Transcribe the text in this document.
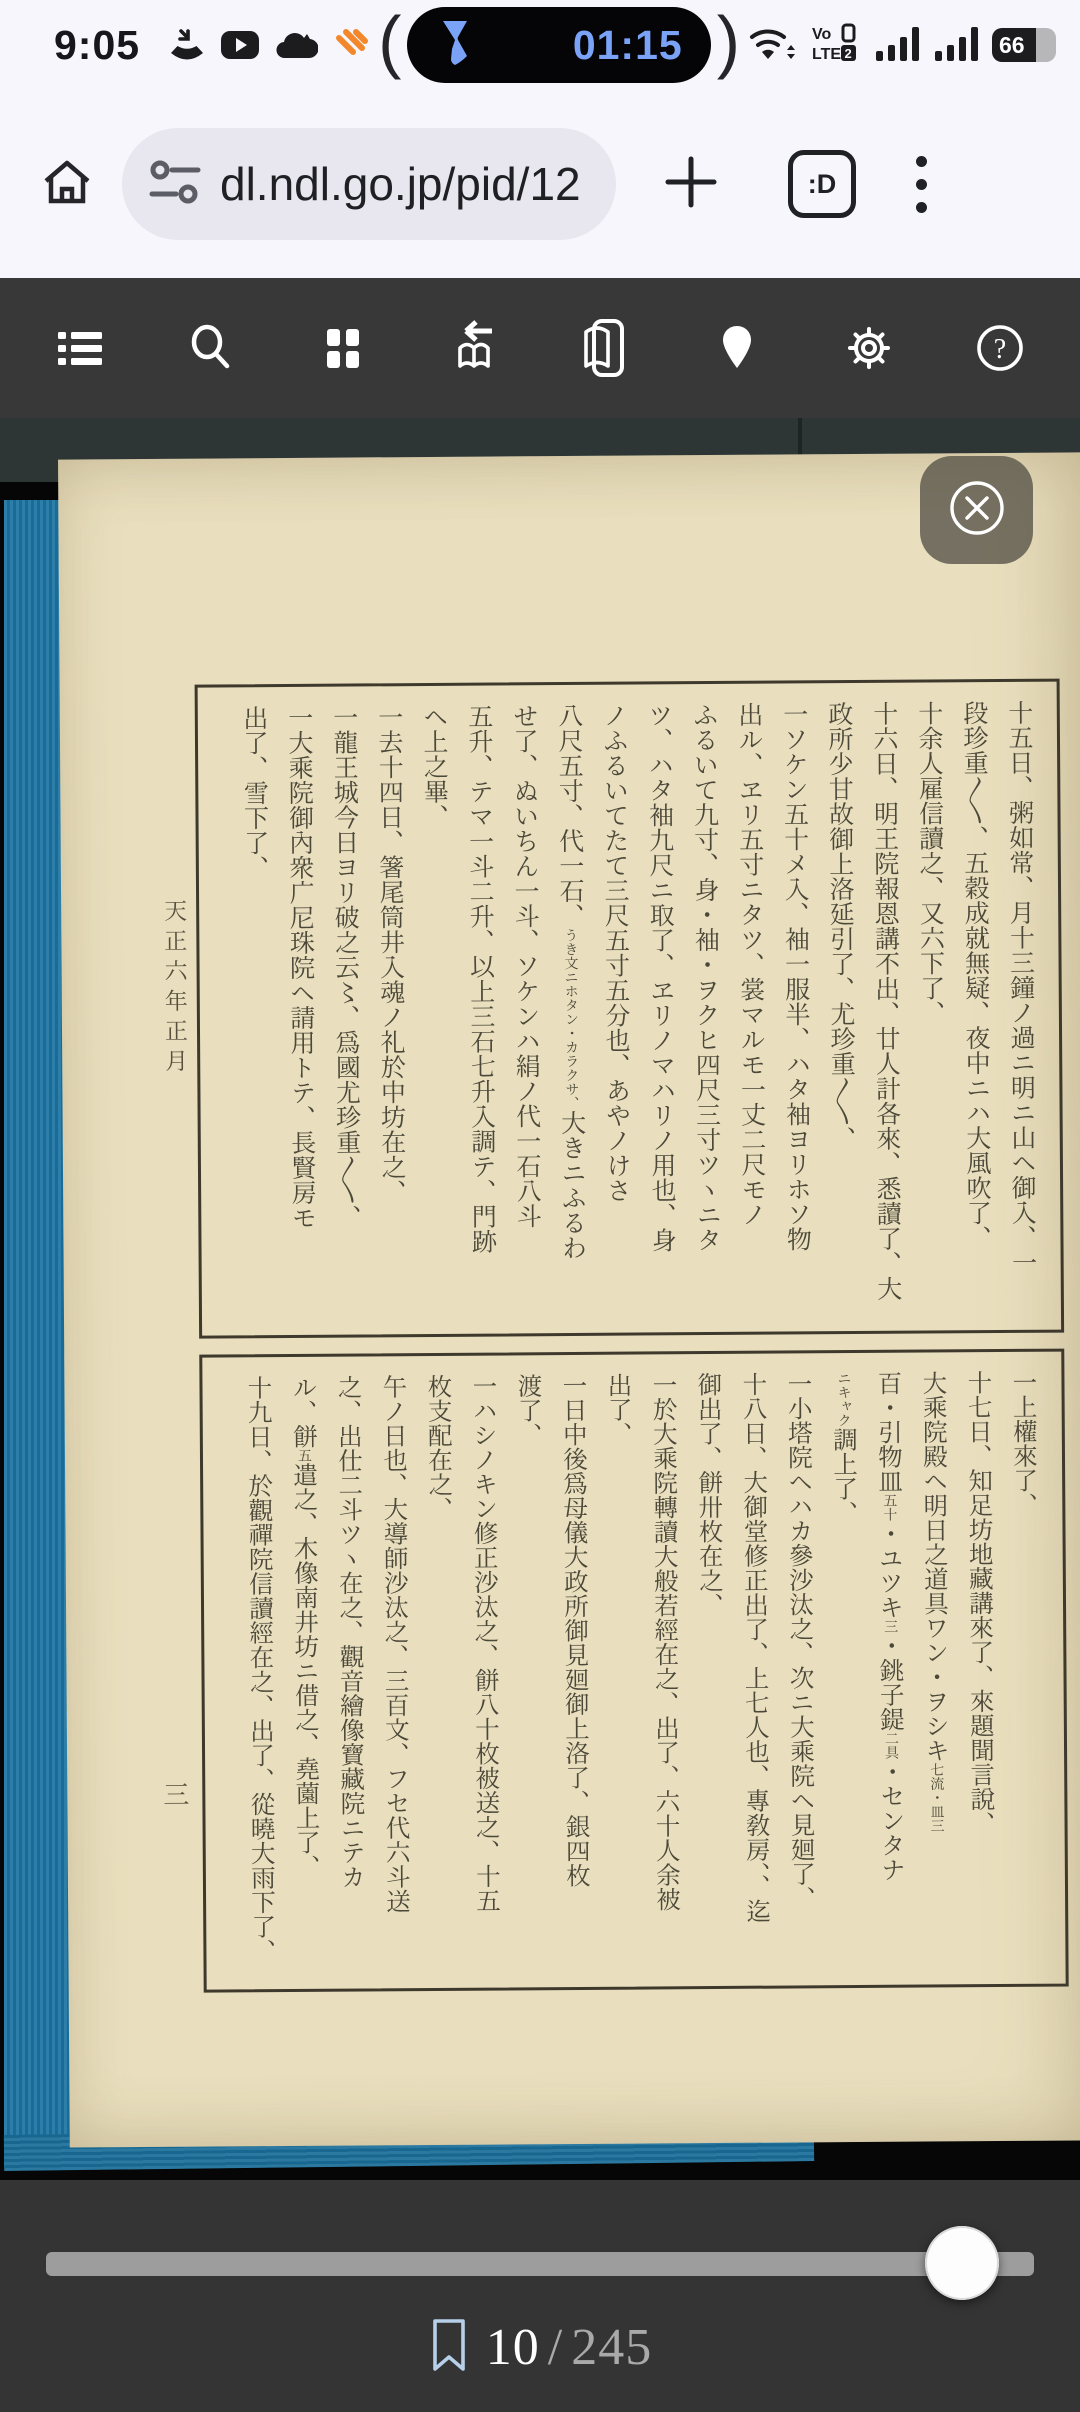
9:05	(	01:15 )	Vo
LTE 2	66
dl.ndl.go.jp/pid/12	:D
?
天正六年正月
三
十五日、粥如常、月十三鐘ノ過ニ明ニ山ヘ御入、一
段珍重〱、五穀成就無疑、夜中ニハ大風吹了、
十余人雇信讀之、又六下了、
十六日、明王院報恩講不出、廿人計各來、悉讀了、大
政所少甘故御上洛延引了、尤珍重〱、
一ソケン五十メ入、袖一服半、ハタ袖ヨリホソ物
出ル、ヱリ五寸ニタツ、裳マルモ一丈二尺モノ
ふるいて九寸、身・袖・ヲクヒ四尺三寸ツヽニタ
ツ、ハタ袖九尺ニ取了、ヱリノマハリノ用也、身
ノふるいてたて三尺五寸五分也、あやノけさ
八尺五寸、代一石、うき文ニホタン・カラクサ、大きニふるわ
せ了、ぬいちん一斗、ソケンハ絹ノ代一石八斗
五升、テマ一斗二升、以上三石七升入調テ、門跡
ヘ上之畢、
一去十四日、箸尾筒井入魂ノ礼於中坊在之、
一龍王城今日ヨリ破之云〻、爲國尤珍重〱、
一大乘院御內衆广尼珠院ヘ請用トテ、長賢房モ
出了、雪下了、
一上權來了、
十七日、知足坊地藏講來了、來題聞言說、
大乘院殿ヘ明日之道具ワン・ヲシキ七流・皿三
百・引物皿五十・ユツキ三・銚子鍉二具・センタナ
ニキャク調上了、
一小塔院ヘハカ參沙汰之、次ニ大乘院ヘ見廻了、
十八日、大御堂修正出了、上七人也、專敎房、、迄
御出了、餅卅枚在之、
一於大乘院轉讀大般若經在之、出了、六十人余被
出了、
一日中後爲母儀大政所御見廻御上洛了、銀四枚
渡了、
一ハシノキン修正沙汰之、餅八十枚被送之、十五
枚支配在之、
午ノ日也、大導師沙汰之、三百文、フセ代六斗送
之、出仕二斗ツヽ在之、觀音繪像寶藏院ニテカ
ル、餅五遣之、木像南井坊ニ借之、堯薗上了、
十九日、於觀禪院信讀經在之、出了、從曉大雨下了、
10 / 245
